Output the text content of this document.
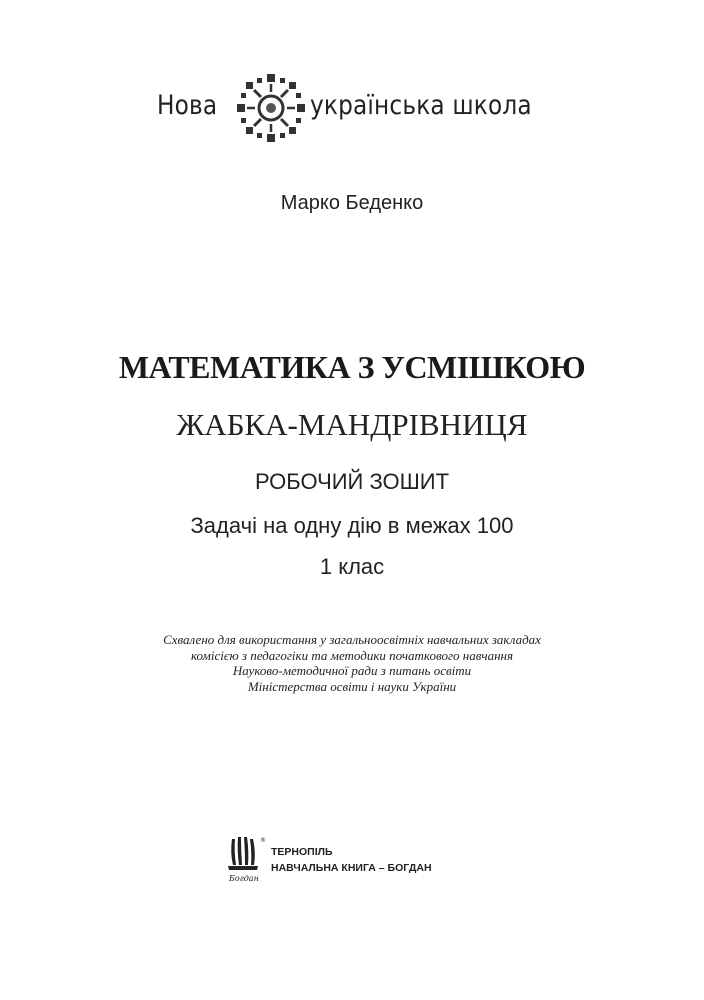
Нова	українська школа
Марко Беденко
МАТЕМАТИКА З УСМІШКОЮ
ЖАБКА-МАНДРІВНИЦЯ
РОБОЧИЙ ЗОШИТ
Задачі на одну дію в межах 100
1 клас
Схвалено для використання у загальноосвітніх навчальних закладах
комісією з педагогіки та методики початкового навчання
Науково-методичної ради з питань освіти
Міністерства освіти і науки України
®
Богдан
ТЕРНОПІЛЬ
НАВЧАЛЬНА КНИГА – БОГДАН
